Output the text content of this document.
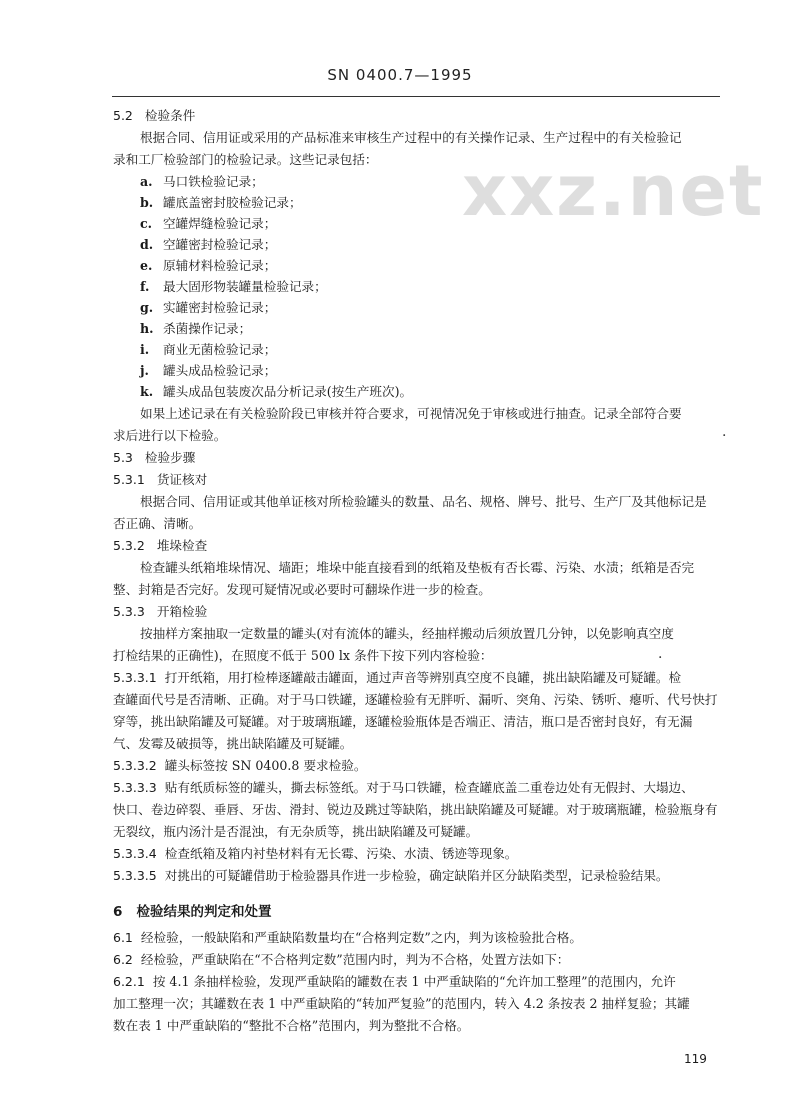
SN 0400.7—1995
xxz.net
5.2 检验条件
根据合同、信用证或采用的产品标准来审核生产过程中的有关操作记录、生产过程中的有关检验记
录和工厂检验部门的检验记录。这些记录包括：
a. 马口铁检验记录；
b. 罐底盖密封胶检验记录；
c. 空罐焊缝检验记录；
d. 空罐密封检验记录；
e. 原辅材料检验记录；
f. 最大固形物装罐量检验记录；
g. 实罐密封检验记录；
h. 杀菌操作记录；
i. 商业无菌检验记录；
j. 罐头成品检验记录；
k. 罐头成品包装废次品分析记录(按生产班次)。
如果上述记录在有关检验阶段已审核并符合要求，可视情况免于审核或进行抽查。记录全部符合要
求后进行以下检验。	·
5.3 检验步骤
5.3.1 货证核对
根据合同、信用证或其他单证核对所检验罐头的数量、品名、规格、牌号、批号、生产厂及其他标记是
否正确、清晰。
5.3.2 堆垛检查
检查罐头纸箱堆垛情况、墙距；堆垛中能直接看到的纸箱及垫板有否长霉、污染、水渍；纸箱是否完
整、封箱是否完好。发现可疑情况或必要时可翻垛作进一步的检查。
5.3.3 开箱检验
按抽样方案抽取一定数量的罐头(对有流体的罐头，经抽样搬动后须放置几分钟，以免影响真空度
打检结果的正确性)，在照度不低于 500 lx 条件下按下列内容检验：	·
5.3.3.1 打开纸箱，用打检棒逐罐敲击罐面，通过声音等辨别真空度不良罐，挑出缺陷罐及可疑罐。检
查罐面代号是否清晰、正确。对于马口铁罐，逐罐检验有无胖听、漏听、突角、污染、锈听、瘪听、代号快打
穿等，挑出缺陷罐及可疑罐。对于玻璃瓶罐，逐罐检验瓶体是否端正、清洁，瓶口是否密封良好，有无漏
气、发霉及破损等，挑出缺陷罐及可疑罐。
5.3.3.2 罐头标签按 SN 0400.8 要求检验。
5.3.3.3 贴有纸质标签的罐头，撕去标签纸。对于马口铁罐，检查罐底盖二重卷边处有无假封、大塌边、
快口、卷边碎裂、垂唇、牙齿、滑封、锐边及跳过等缺陷，挑出缺陷罐及可疑罐。对于玻璃瓶罐，检验瓶身有
无裂纹，瓶内汤汁是否混浊，有无杂质等，挑出缺陷罐及可疑罐。
5.3.3.4 检查纸箱及箱内衬垫材料有无长霉、污染、水渍、锈迹等现象。
5.3.3.5 对挑出的可疑罐借助于检验器具作进一步检验，确定缺陷并区分缺陷类型，记录检验结果。
6 检验结果的判定和处置
6.1 经检验，一般缺陷和严重缺陷数量均在“合格判定数”之内，判为该检验批合格。
6.2 经检验，严重缺陷在“不合格判定数”范围内时，判为不合格，处置方法如下：
6.2.1 按 4.1 条抽样检验，发现严重缺陷的罐数在表 1 中严重缺陷的“允许加工整理”的范围内，允许
加工整理一次；其罐数在表 1 中严重缺陷的“转加严复验”的范围内，转入 4.2 条按表 2 抽样复验；其罐
数在表 1 中严重缺陷的“整批不合格”范围内，判为整批不合格。
119
